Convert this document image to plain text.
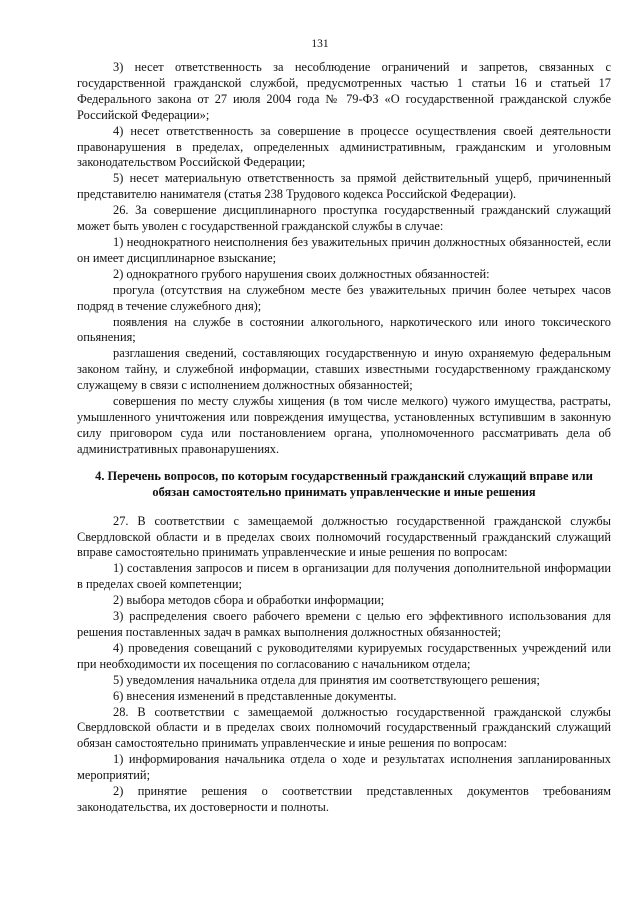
131

3) несет ответственность за несоблюдение ограничений и запретов, связанных с государственной гражданской службой, предусмотренных частью 1 статьи 16 и статьей 17 Федерального закона от 27 июля 2004 года № 79-ФЗ «О государственной гражданской службе Российской Федерации»;

4) несет ответственность за совершение в процессе осуществления своей деятельности правонарушения в пределах, определенных административным, гражданским и уголовным законодательством Российской Федерации;

5) несет материальную ответственность за прямой действительный ущерб, причиненный представителю нанимателя (статья 238 Трудового кодекса Российской Федерации).

26. За совершение дисциплинарного проступка государственный гражданский служащий может быть уволен с государственной гражданской службы в случае:

1) неоднократного неисполнения без уважительных причин должностных обязанностей, если он имеет дисциплинарное взыскание;

2) однократного грубого нарушения своих должностных обязанностей:

прогула (отсутствия на служебном месте без уважительных причин более четырех часов подряд в течение служебного дня);

появления на службе в состоянии алкогольного, наркотического или иного токсического опьянения;

разглашения сведений, составляющих государственную и иную охраняемую федеральным законом тайну, и служебной информации, ставших известными государственному гражданскому служащему в связи с исполнением должностных обязанностей;

совершения по месту службы хищения (в том числе мелкого) чужого имущества, растраты, умышленного уничтожения или повреждения имущества, установленных вступившим в законную силу приговором суда или постановлением органа, уполномоченного рассматривать дела об административных правонарушениях.

4. Перечень вопросов, по которым государственный гражданский служащий вправе или обязан самостоятельно принимать управленческие и иные решения

27. В соответствии с замещаемой должностью государственной гражданской службы Свердловской области и в пределах своих полномочий государственный гражданский служащий вправе самостоятельно принимать управленческие и иные решения по вопросам:

1) составления запросов и писем в организации для получения дополнительной информации в пределах своей компетенции;

2) выбора методов сбора и обработки информации;

3) распределения своего рабочего времени с целью его эффективного использования для решения поставленных задач в рамках выполнения должностных обязанностей;

4) проведения совещаний с руководителями курируемых государственных учреждений или при необходимости их посещения по согласованию с начальником отдела;

5) уведомления начальника отдела для принятия им соответствующего решения;

6) внесения изменений в представленные документы.

28. В соответствии с замещаемой должностью государственной гражданской службы Свердловской области и в пределах своих полномочий государственный гражданский служащий обязан самостоятельно принимать управленческие и иные решения по вопросам:

1) информирования начальника отдела о ходе и результатах исполнения запланированных мероприятий;

2) принятие решения о соответствии представленных документов требованиям законодательства, их достоверности и полноты.
